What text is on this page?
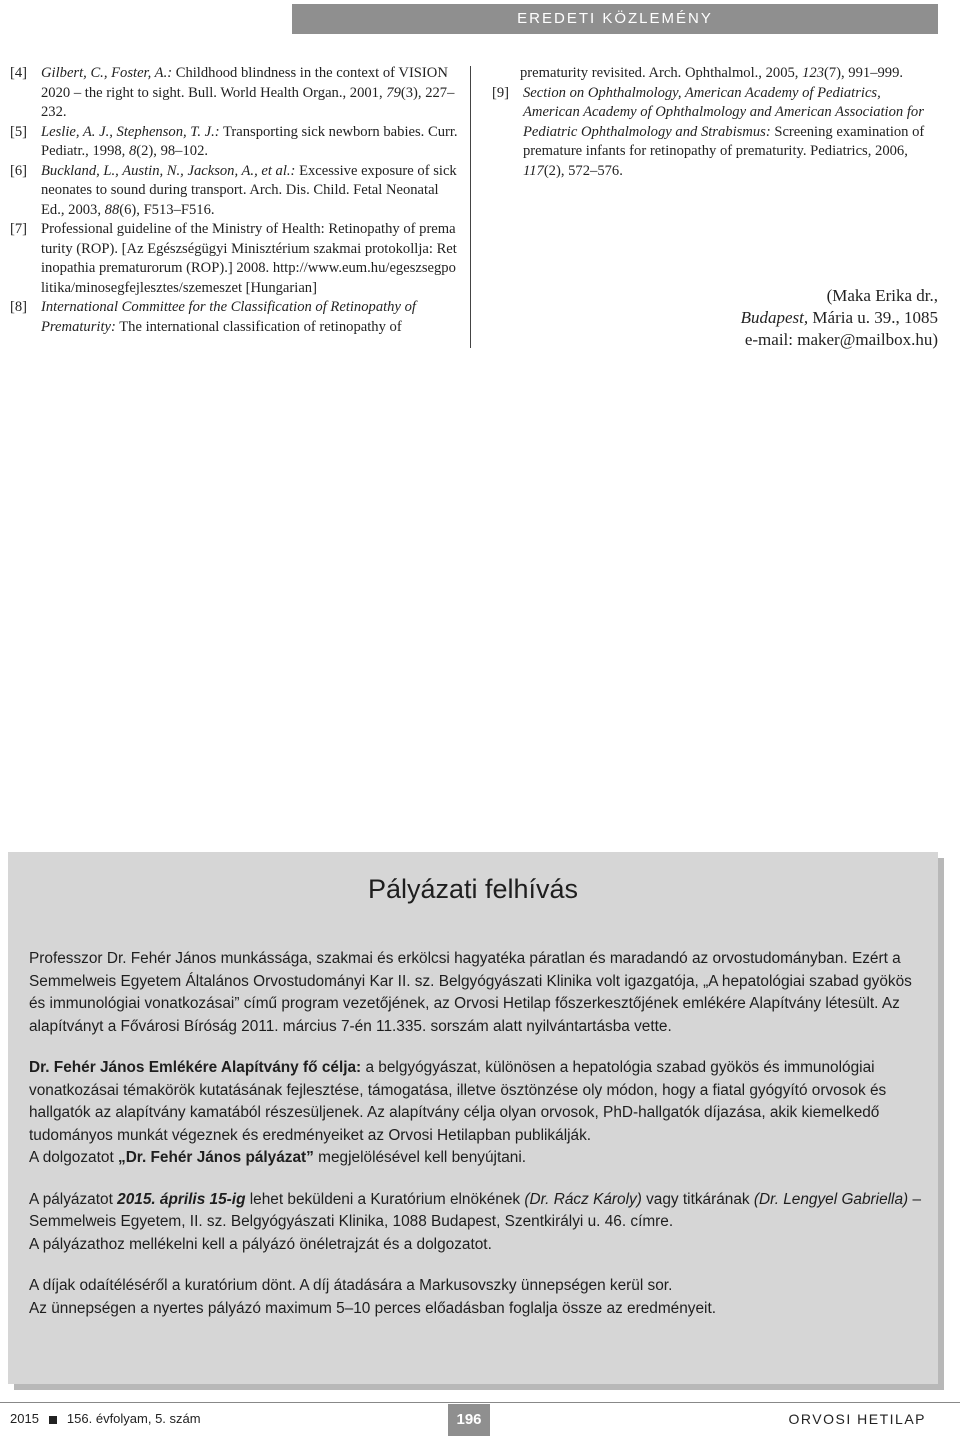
EREDETI KÖZLEMÉNY
[4] Gilbert, C., Foster, A.: Childhood blindness in the context of VISION 2020 – the right to sight. Bull. World Health Organ., 2001, 79(3), 227–232.
[5] Leslie, A. J., Stephenson, T. J.: Transporting sick newborn babies. Curr. Pediatr., 1998, 8(2), 98–102.
[6] Buckland, L., Austin, N., Jackson, A., et al.: Excessive exposure of sick neonates to sound during transport. Arch. Dis. Child. Fetal Neonatal Ed., 2003, 88(6), F513–F516.
[7] Professional guideline of the Ministry of Health: Retinopathy of prematurity (ROP). [Az Egészségügyi Minisztérium szakmai protokollja: Retinopathia prematurorum (ROP).] 2008. http://www.eum.hu/egeszsegpolitika/minosegfejlesztes/szemeszet [Hungarian]
[8] International Committee for the Classification of Retinopathy of Prematurity: The international classification of retinopathy of
prematurity revisited. Arch. Ophthalmol., 2005, 123(7), 991–999.
[9] Section on Ophthalmology, American Academy of Pediatrics, American Academy of Ophthalmology and American Association for Pediatric Ophthalmology and Strabismus: Screening examination of premature infants for retinopathy of prematurity. Pediatrics, 2006, 117(2), 572–576.
(Maka Erika dr.,
Budapest, Mária u. 39., 1085
e-mail: maker@mailbox.hu)
Pályázati felhívás

Professzor Dr. Fehér János munkássága, szakmai és erkölcsi hagyatéka páratlan és maradandó az orvostudományban. Ezért a Semmelweis Egyetem Általános Orvostudományi Kar II. sz. Belgyógyászati Klinika volt igazgatója, „A hepatológiai szabad gyökös és immunológiai vonatkozásai” című program vezetőjének, az Orvosi Hetilap főszerkesztőjének emlékére Alapítvány létesült. Az alapítványt a Fővárosi Bíróság 2011. március 7-én 11.335. sorszám alatt nyilvántartásba vette.

Dr. Fehér János Emlékére Alapítvány fő célja: a belgyógyászat, különösen a hepatológia szabad gyökös és immunológiai vonatkozásai témakörök kutatásának fejlesztése, támogatása, illetve ösztönzése oly módon, hogy a fiatal gyógyító orvosok és hallgatók az alapítvány kamatából részesüljenek. Az alapítvány célja olyan orvosok, PhD-hallgatók díjazása, akik kiemelkedő tudományos munkát végeznek és eredményeiket az Orvosi Hetilapban publikálják.
A dolgozatot „Dr. Fehér János pályázat” megjelölésével kell benyújtani.

A pályázatot 2015. április 15-ig lehet beküldeni a Kuratórium elnökének (Dr. Rácz Károly) vagy titkárának (Dr. Lengyel Gabriella) – Semmelweis Egyetem, II. sz. Belgyógyászati Klinika, 1088 Budapest, Szentkirályi u. 46. címre.
A pályázathoz mellékelni kell a pályázó önéletrajzát és a dolgozatot.

A díjak odaítéléséről a kuratórium dönt. A díj átadására a Markusovszky ünnepségen kerül sor.
Az ünnepségen a nyertes pályázó maximum 5–10 perces előadásban foglalja össze az eredményeit.

2015 156. évfolyam, 5. szám	196	ORVOSI HETILAP
